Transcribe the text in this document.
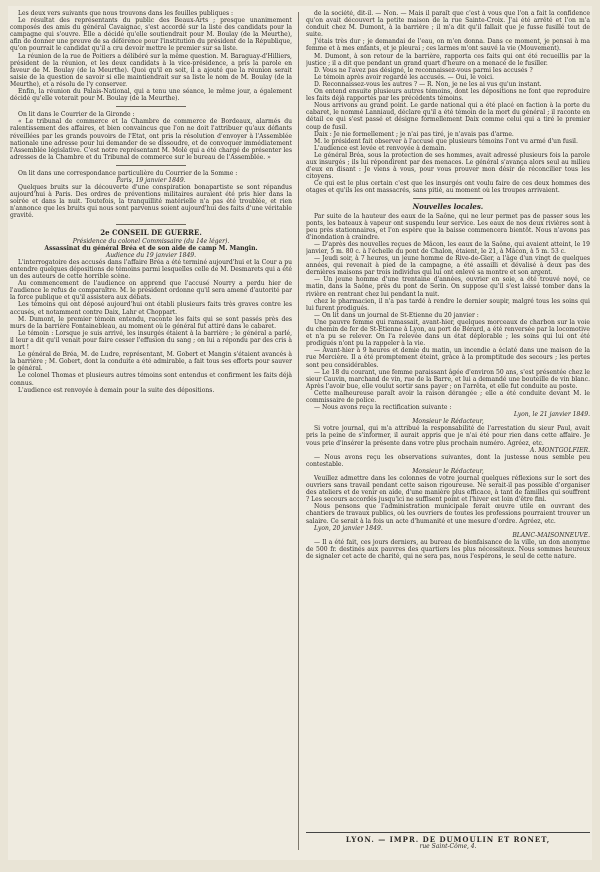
Les deux vers suivants que nous trouvons dans les feuilles publiques :

Le résultat des représentants du public des Beaux-Arts ; presque unanimement composés des amis du général Cavaignac, s'est accordé sur la liste des candidats pour la campagne qui s'ouvre. Elle a décidé qu'elle soutiendrait pour M. Boulay (de la Meurthe), afin de donner une preuve de sa déférence pour l'institution du président de la République, qu'on pourrait le candidat qu'il a cru devoir mettre le premier sur sa liste.

La réunion de la rue de Poitiers a délibéré sur la même question. M. Baraguay-d'Hilliers, président de la réunion, et les deux candidats à la vice-présidence, a pris la parole en faveur de M. Boulay (de la Meurthe). Quoi qu'il en soit, il a ajouté que la réunion serait saisie de la question de savoir si elle maintiendrait sur sa liste le nom de M. Boulay (de la Meurthe), et a résolu de l'y conserver.

Enfin, la réunion du Palais-National, qui a tenu une séance, le même jour, a également décidé qu'elle voterait pour M. Boulay (de la Meurthe).

On lit dans le Courrier de la Gironde :

« Le tribunal de commerce et la Chambre de commerce de Bordeaux, alarmés du ralentissement des affaires, et bien convaincus que l'on ne doit l'attribuer qu'aux défiants réveillées par les grands pouvoirs de l'Etat, ont pris la résolution d'envoyer à l'Assemblée nationale une adresse pour lui demander de se dissoudre, et de convoquer immédiatement l'Assemblée législative. C'est notre représentant M. Molé qui a été chargé de présenter les adresses de la Chambre et du Tribunal de commerce sur le bureau de l'Assemblée. »

On lit dans une correspondance particulière du Courrier de la Somme :

Paris, 19 janvier 1849.

Quelques bruits sur la découverte d'une conspiration bonapartiste se sont répandus aujourd'hui à Paris. Des ordres de préventions militaires auraient été pris hier dans la soirée et dans la nuit. Toutefois, la tranquillité matérielle n'a pas été troublée, et rien n'annonce que les bruits qui nous sont parvenus soient aujourd'hui des faits d'une véritable gravité.

2e CONSEIL DE GUERRE.

Présidence du colonel Commissaire (du 14e léger).

Assassinat du général Bréa et de son aide de camp M. Mangin.

Audience du 19 janvier 1849.

L'interrogatoire des accusés dans l'affaire Bréa a été terminé aujourd'hui et la Cour a pu entendre quelques dépositions de témoins parmi lesquelles celle de M. Desmarets qui a été un des auteurs de cette horrible scène.

Au commencement de l'audience on apprend que l'accusé Nourry a perdu hier de l'audience le refus de comparaître. M. le président ordonne qu'il sera amené d'autorité par la force publique et qu'il assistera aux débats.

Les témoins qui ont déposé aujourd'hui ont établi plusieurs faits très graves contre les accusés, et notamment contre Daix, Lahr et Choppart.

M. Dumont, le premier témoin entendu, raconte les faits qui se sont passés près des murs de la barrière Fontainebleau, au moment où le général fut attiré dans le cabaret.

Le témoin : Lorsque je suis arrivé, les insurgés étaient à la barrière ; le général a parlé, il leur a dit qu'il venait pour faire cesser l'effusion du sang ; on lui a répondu par des cris à mort !

Le général de Bréa, M. de Ludre, représentant, M. Gobert et Mangin s'étaient avancés à la barrière ; M. Gobert, dont la conduite a été admirable, a fait tous ses efforts pour sauver le général.

Le colonel Thomas et plusieurs autres témoins sont entendus et confirment les faits déjà connus.

L'audience est renvoyée à demain pour la suite des dépositions.

de la société, dit-il. — Non. — Mais il paraît que c'est à vous que l'on a fait la confidence qu'on avait découvert la petite maison de la rue Sainte-Croix. J'ai été arrêté et l'on m'a conduit chez M. Dumont, à la barrière ; il m'a dit qu'il fallait que je fusse fusillé tout de suite.

J'étais très dur ; je demandai de l'eau, on m'en donna. Dans ce moment, je pensai à ma femme et à mes enfants, et je pleurai ; ces larmes m'ont sauvé la vie (Mouvement).

M. Dumont, à son retour de la barrière, rapporta ces faits qui ont été recueillis par la justice ; il a dit que pendant un grand quart d'heure on a menacé de le fusiller.

D. Vous ne l'avez pas désigné, le reconnaissez-vous parmi les accusés ?

Le témoin après avoir regardé les accusés. — Oui, le voici.

D. Reconnaissez-vous les autres ? — R. Non, je ne les ai vus qu'un instant.

On entend ensuite plusieurs autres témoins, dont les dépositions ne font que reproduire les faits déjà rapportés par les précédents témoins.

Nous arrivons au grand point. Le garde national qui a été placé en faction à la porte du cabaret, le nommé Lanniaud, déclare qu'il a été témoin de la mort du général ; il raconte en détail ce qui s'est passé et désigne formellement Daix comme celui qui a tiré le premier coup de fusil.

Daix : Je nie formellement ; je n'ai pas tiré, je n'avais pas d'arme.

M. le président fait observer à l'accusé que plusieurs témoins l'ont vu armé d'un fusil.

L'audience est levée et renvoyée à demain.

Le général Bréa, sous la protection de ses hommes, avait adressé plusieurs fois la parole aux insurgés ; ils lui répondirent par des menaces. Le général s'avança alors seul au milieu d'eux en disant : Je viens à vous, pour vous prouver mon désir de réconcilier tous les citoyens.

Ce qui est le plus certain c'est que les insurgés ont voulu faire de ces deux hommes des otages et qu'ils les ont massacrés, sans pitié, au moment où les troupes arrivaient.

Nouvelles locales.

Par suite de la hauteur des eaux de la Saône, qui ne leur permet pas de passer sous les ponts, les bateaux à vapeur ont suspendu leur service. Les eaux de nos deux rivières sont à peu près stationnaires, et l'on espère que la baisse commencera bientôt. Nous n'avons pas d'inondation à craindre.

— D'après des nouvelles reçues de Mâcon, les eaux de la Saône, qui avaient atteint, le 19 janvier, 5 m. 80 c. à l'échelle du pont de Chalon, étaient, le 21, à Mâcon, à 5 m. 53 c.

— Jeudi soir, à 7 heures, un jeune homme de Rive-de-Gier, a l'âge d'un vingt de quelques années, qui revenait à pied de la campagne, a été assailli et dévalisé à deux pas des dernières maisons par trois individus qui lui ont enlevé sa montre et son argent.

— Un jeune homme d'une trentaine d'années, ouvrier en soie, a été trouvé noyé, ce matin, dans la Saône, près du pont de Serin. On suppose qu'il s'est laissé tomber dans la rivière en rentrant chez lui pendant la nuit.

chez le pharmacien, il n'a pas tardé à rendre le dernier soupir, malgré tous les soins qui lui furent prodigués.

— On lit dans un journal de St-Etienne du 20 janvier :

Une pauvre femme qui ramassait, avant-hier, quelques morceaux de charbon sur la voie du chemin de fer de St-Etienne à Lyon, au port de Bérard, a été renversée par la locomotive et n'a pu se relever. On l'a relevée dans un état déplorable ; les soins qui lui ont été prodigués n'ont pu la rappeler à la vie.

— Avant-hier à 9 heures et demie du matin, un incendie a éclaté dans une maison de la rue Mercière. Il a été promptement éteint, grâce à la promptitude des secours ; les pertes sont peu considérables.

— Le 18 du courant, une femme paraissant âgée d'environ 50 ans, s'est présentée chez le sieur Cauvin, marchand de vin, rue de la Barre, et lui a demandé une bouteille de vin blanc. Après l'avoir bue, elle voulut sortir sans payer ; on l'arrêta, et elle fut conduite au poste.

Cette malheureuse paraît avoir la raison dérangée ; elle a été conduite devant M. le commissaire de police.

— Nous avons reçu la rectification suivante :

Lyon, le 21 janvier 1849.

Monsieur le Rédacteur,

Si votre journal, qui m'a attribué la responsabilité de l'arrestation du sieur Paul, avait pris la peine de s'informer, il aurait appris que je n'ai été pour rien dans cette affaire. Je vous prie d'insérer la présente dans votre plus prochain numéro. Agréez, etc.

A. MONTGOLFIER.

— Nous avons reçu les observations suivantes, dont la justesse nous semble peu contestable.

Monsieur le Rédacteur,

Veuillez admettre dans les colonnes de votre journal quelques réflexions sur le sort des ouvriers sans travail pendant cette saison rigoureuse. Ne serait-il pas possible d'organiser des ateliers et de venir en aide, d'une manière plus efficace, à tant de familles qui souffrent ? Les secours accordés jusqu'ici ne suffisent point et l'hiver est loin d'être fini.

Nous pensons que l'administration municipale ferait œuvre utile en ouvrant des chantiers de travaux publics, où les ouvriers de toutes les professions pourraient trouver un salaire. Ce serait à la fois un acte d'humanité et une mesure d'ordre. Agréez, etc.

Lyon, 20 janvier 1849.

BLANC-MAISONNEUVE.

— Il a été fait, ces jours derniers, au bureau de bienfaisance de la ville, un don anonyme de 500 fr. destinés aux pauvres des quartiers les plus nécessiteux. Nous sommes heureux de signaler cet acte de charité, qui ne sera pas, nous l'espérons, le seul de cette nature.

LYON. — IMPR. DE DUMOULIN ET RONET,

rue Saint-Côme, 4.
